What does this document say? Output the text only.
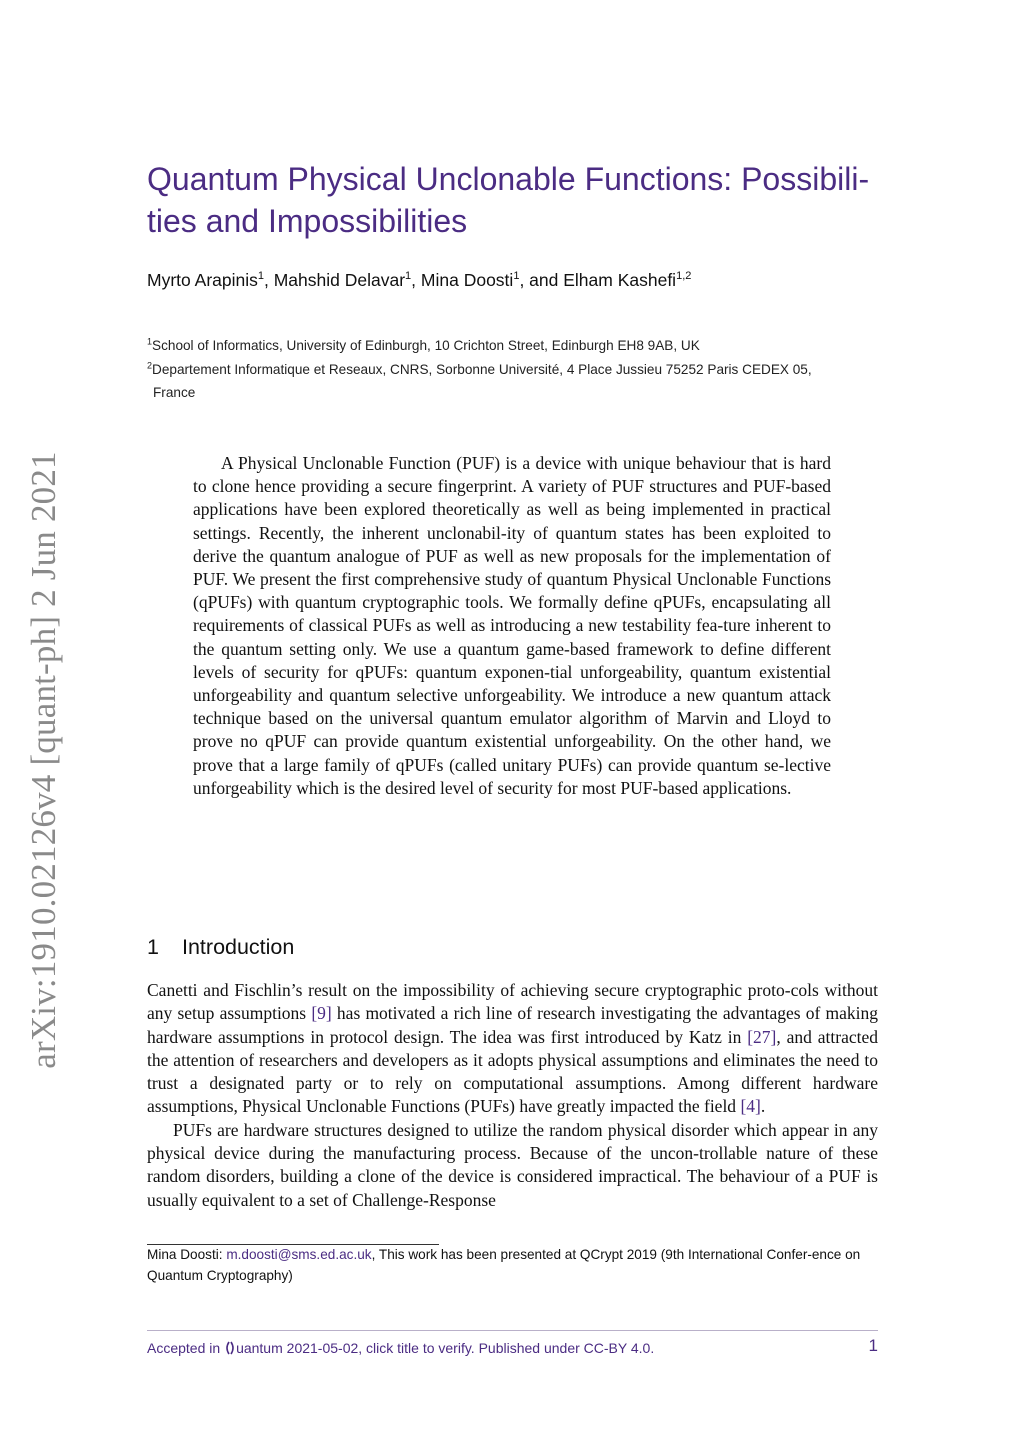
arXiv:1910.02126v4 [quant-ph] 2 Jun 2021
Quantum Physical Unclonable Functions: Possibili-
ties and Impossibilities
Myrto Arapinis$^1$, Mahshid Delavar$^1$, Mina Doosti$^1$, and Elham Kashefi$^{1,2}$
$^1$School of Informatics, University of Edinburgh, 10 Crichton Street, Edinburgh EH8 9AB, UK
$^2$Departement Informatique et Reseaux, CNRS, Sorbonne Université, 4 Place Jussieu 75252 Paris CEDEX 05,
France

A Physical Unclonable Function (PUF) is a device with unique behaviour that is hard to clone hence providing a secure fingerprint. A variety of PUF structures and PUF-based applications have been explored theoretically as well as being implemented in practical settings. Recently, the inherent unclonabil-ity of quantum states has been exploited to derive the quantum analogue of PUF as well as new proposals for the implementation of PUF. We present the first comprehensive study of quantum Physical Unclonable Functions (qPUFs) with quantum cryptographic tools. We formally define qPUFs, encapsulating all requirements of classical PUFs as well as introducing a new testability fea-ture inherent to the quantum setting only. We use a quantum game-based framework to define different levels of security for qPUFs: quantum exponen-tial unforgeability, quantum existential unforgeability and quantum selective unforgeability. We introduce a new quantum attack technique based on the universal quantum emulator algorithm of Marvin and Lloyd to prove no qPUF can provide quantum existential unforgeability. On the other hand, we prove that a large family of qPUFs (called unitary PUFs) can provide quantum se-lective unforgeability which is the desired level of security for most PUF-based applications.

1 Introduction

Canetti and Fischlin’s result on the impossibility of achieving secure cryptographic proto-cols without any setup assumptions [9] has motivated a rich line of research investigating the advantages of making hardware assumptions in protocol design. The idea was first introduced by Katz in [27], and attracted the attention of researchers and developers as it adopts physical assumptions and eliminates the need to trust a designated party or to rely on computational assumptions. Among different hardware assumptions, Physical Unclonable Functions (PUFs) have greatly impacted the field [4].

PUFs are hardware structures designed to utilize the random physical disorder which appear in any physical device during the manufacturing process. Because of the uncon-trollable nature of these random disorders, building a clone of the device is considered impractical. The behaviour of a PUF is usually equivalent to a set of Challenge-Response

Mina Doosti: m.doosti@sms.ed.ac.uk, This work has been presented at QCrypt 2019 (9th International Confer-ence on Quantum Cryptography)
Accepted in uantum 2021-05-02, click title to verify. Published under CC-BY 4.0.	1
